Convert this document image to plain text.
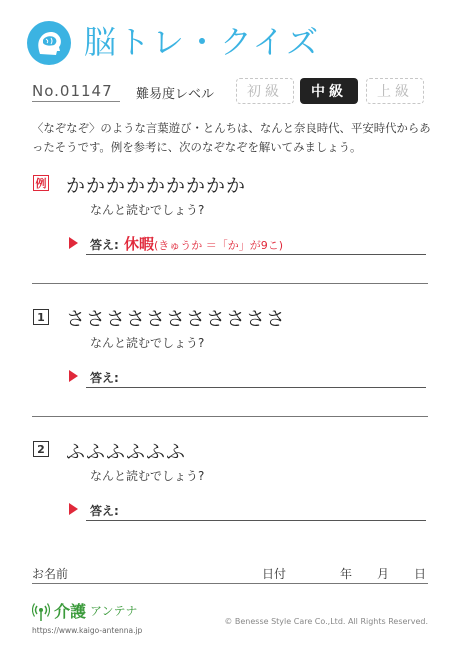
脳トレ・クイズ
No.01147 難易度レベル	初級	中級	上級
〈なぞなぞ〉のような言葉遊び・とんちは、なんと奈良時代、平安時代からあったそうです。例を参考に、次のなぞなぞを解いてみましょう。
例 かかかかかかかかか
なんと読むでしょう?
答え: 休暇(きゅうか ＝「か」が9こ)
1 さささささささささささ
なんと読むでしょう?
答え:
2 ふふふふふふ
なんと読むでしょう?
答え:
お名前	日付	年 月 日
介護 アンテナ
https://www.kaigo-antenna.jp
© Benesse Style Care Co.,Ltd. All Rights Reserved.
